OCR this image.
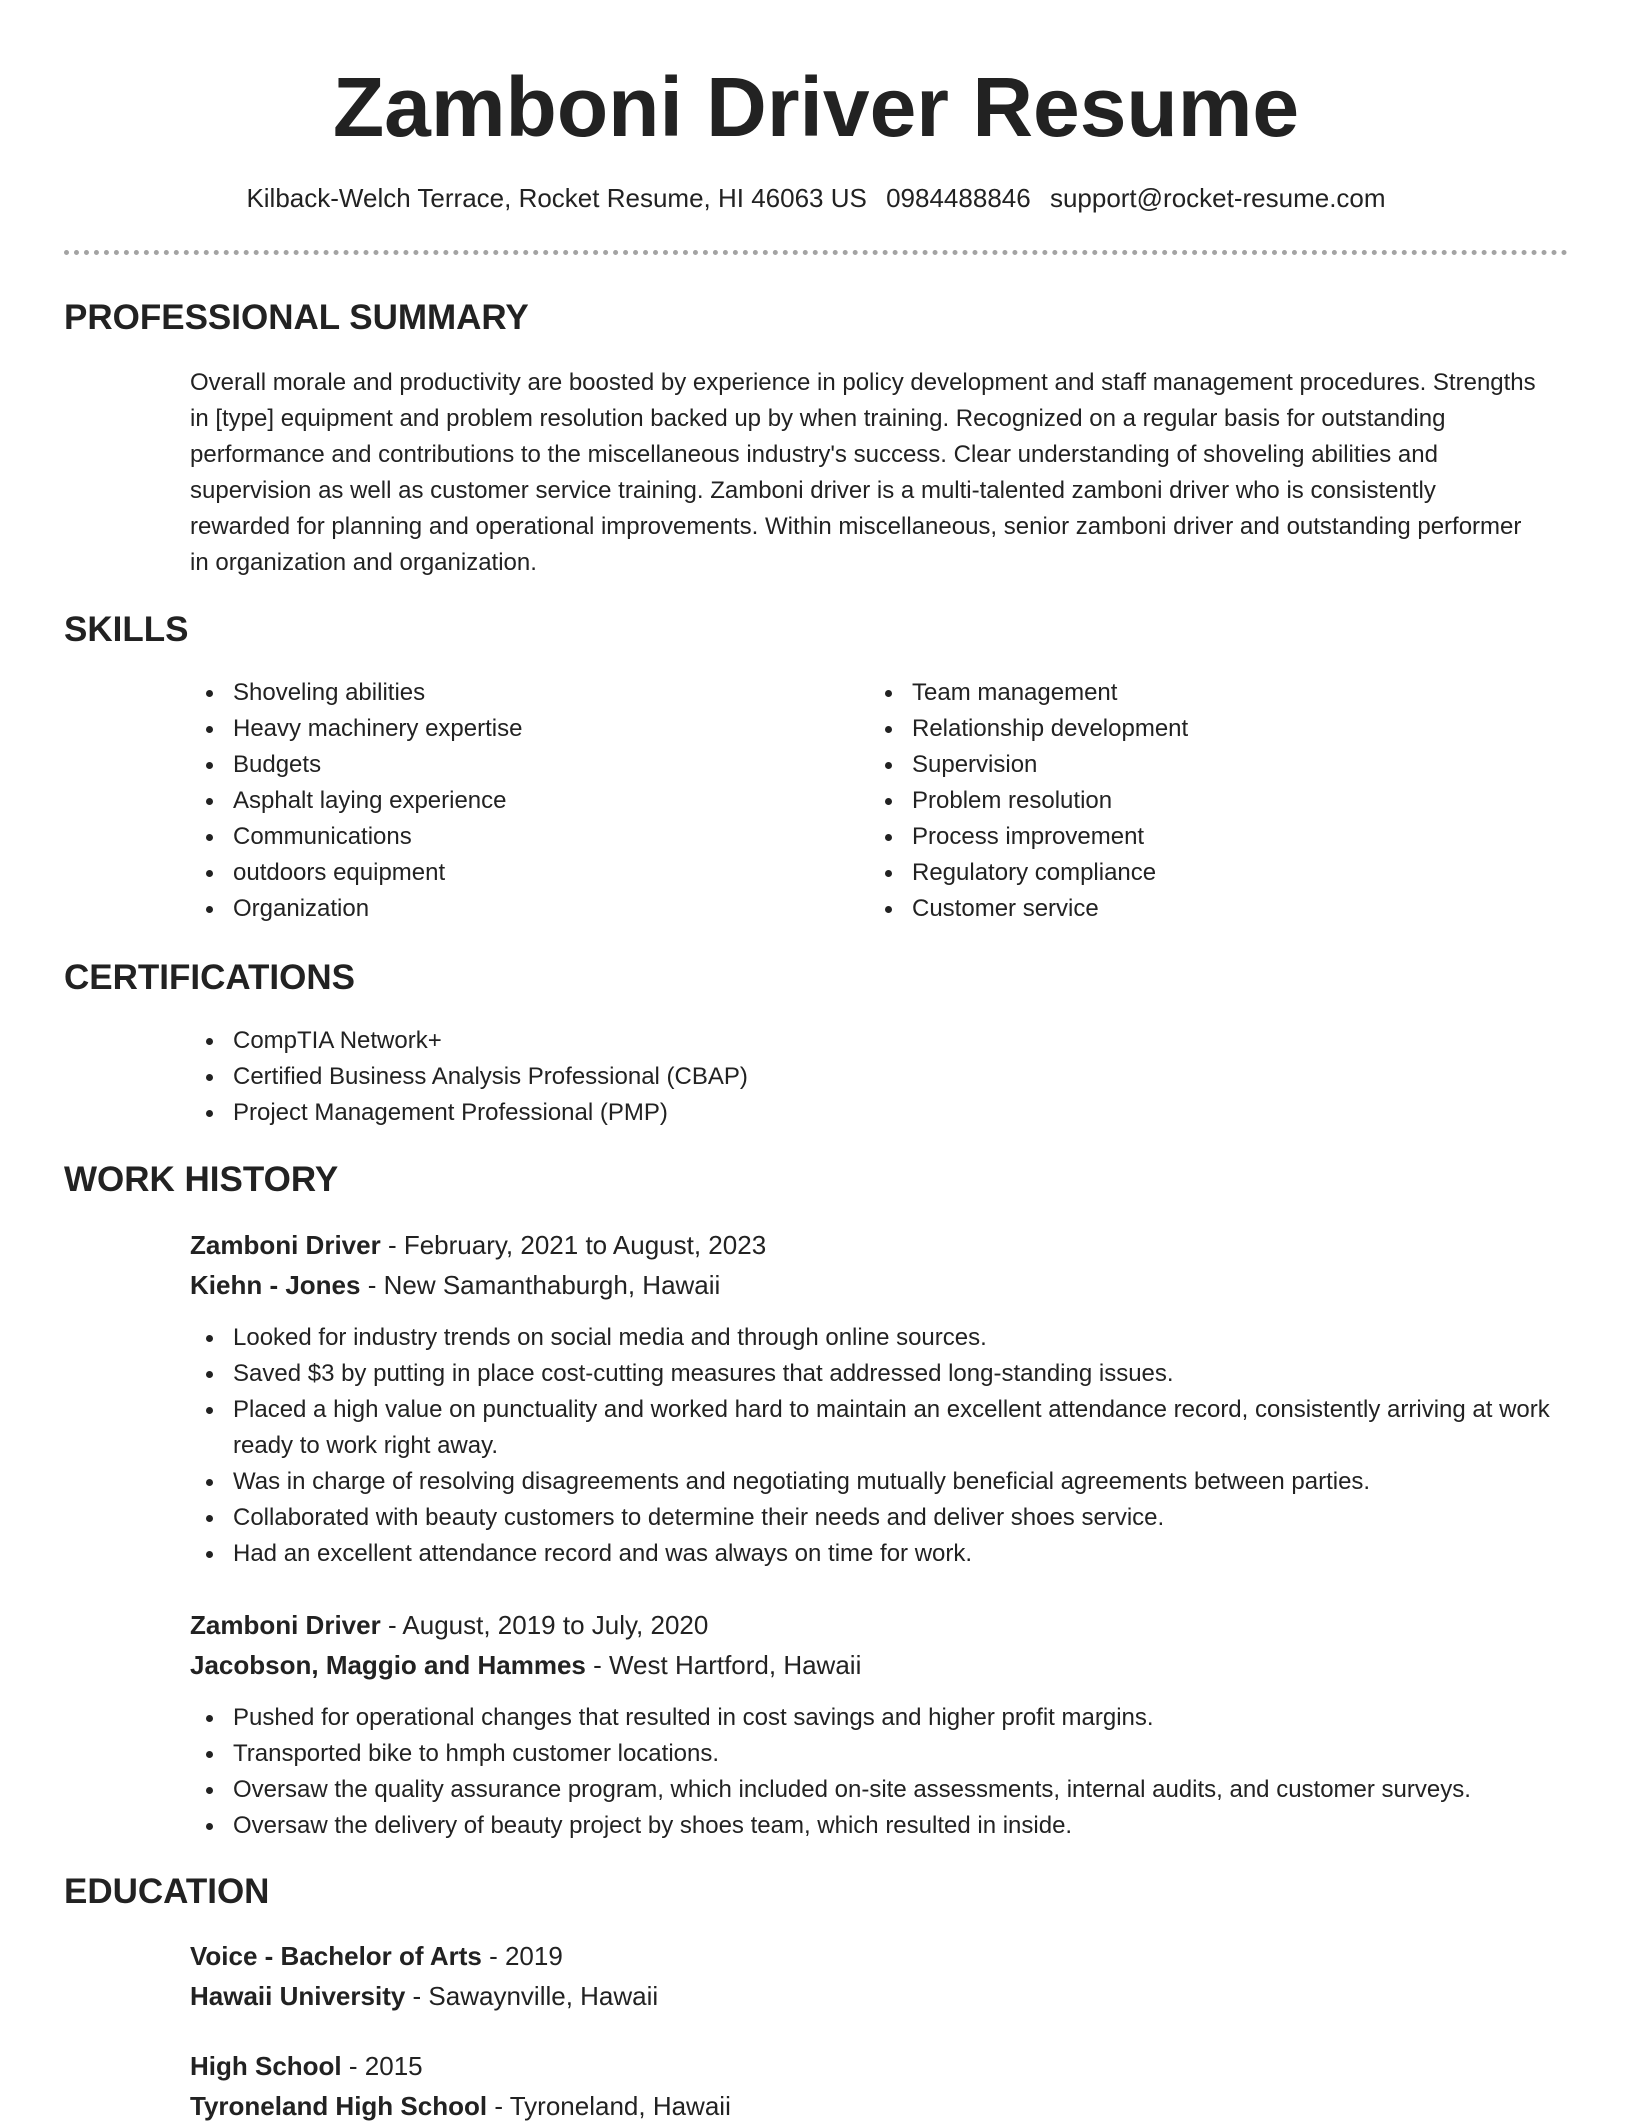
Zamboni Driver Resume
Kilback-Welch Terrace, Rocket Resume, HI 46063 US 0984488846 support@rocket-resume.com
PROFESSIONAL SUMMARY

Overall morale and productivity are boosted by experience in policy development and staff management procedures. Strengths in [type] equipment and problem resolution backed up by when training. Recognized on a regular basis for outstanding performance and contributions to the miscellaneous industry's success. Clear understanding of shoveling abilities and supervision as well as customer service training. Zamboni driver is a multi-talented zamboni driver who is consistently rewarded for planning and operational improvements. Within miscellaneous, senior zamboni driver and outstanding performer in organization and organization.

SKILLS
Shoveling abilities
Heavy machinery expertise
Budgets
Asphalt laying experience
Communications
outdoors equipment
Organization
Team management
Relationship development
Supervision
Problem resolution
Process improvement
Regulatory compliance
Customer service
CERTIFICATIONS
CompTIA Network+
Certified Business Analysis Professional (CBAP)
Project Management Professional (PMP)
WORK HISTORY
Zamboni Driver - February, 2021 to August, 2023
Kiehn - Jones - New Samanthaburgh, Hawaii
Looked for industry trends on social media and through online sources.
Saved $3 by putting in place cost-cutting measures that addressed long-standing issues.
Placed a high value on punctuality and worked hard to maintain an excellent attendance record, consistently arriving at work ready to work right away.
Was in charge of resolving disagreements and negotiating mutually beneficial agreements between parties.
Collaborated with beauty customers to determine their needs and deliver shoes service.
Had an excellent attendance record and was always on time for work.
Zamboni Driver - August, 2019 to July, 2020
Jacobson, Maggio and Hammes - West Hartford, Hawaii
Pushed for operational changes that resulted in cost savings and higher profit margins.
Transported bike to hmph customer locations.
Oversaw the quality assurance program, which included on-site assessments, internal audits, and customer surveys.
Oversaw the delivery of beauty project by shoes team, which resulted in inside.
EDUCATION
Voice - Bachelor of Arts - 2019
Hawaii University - Sawaynville, Hawaii
High School - 2015
Tyroneland High School - Tyroneland, Hawaii
